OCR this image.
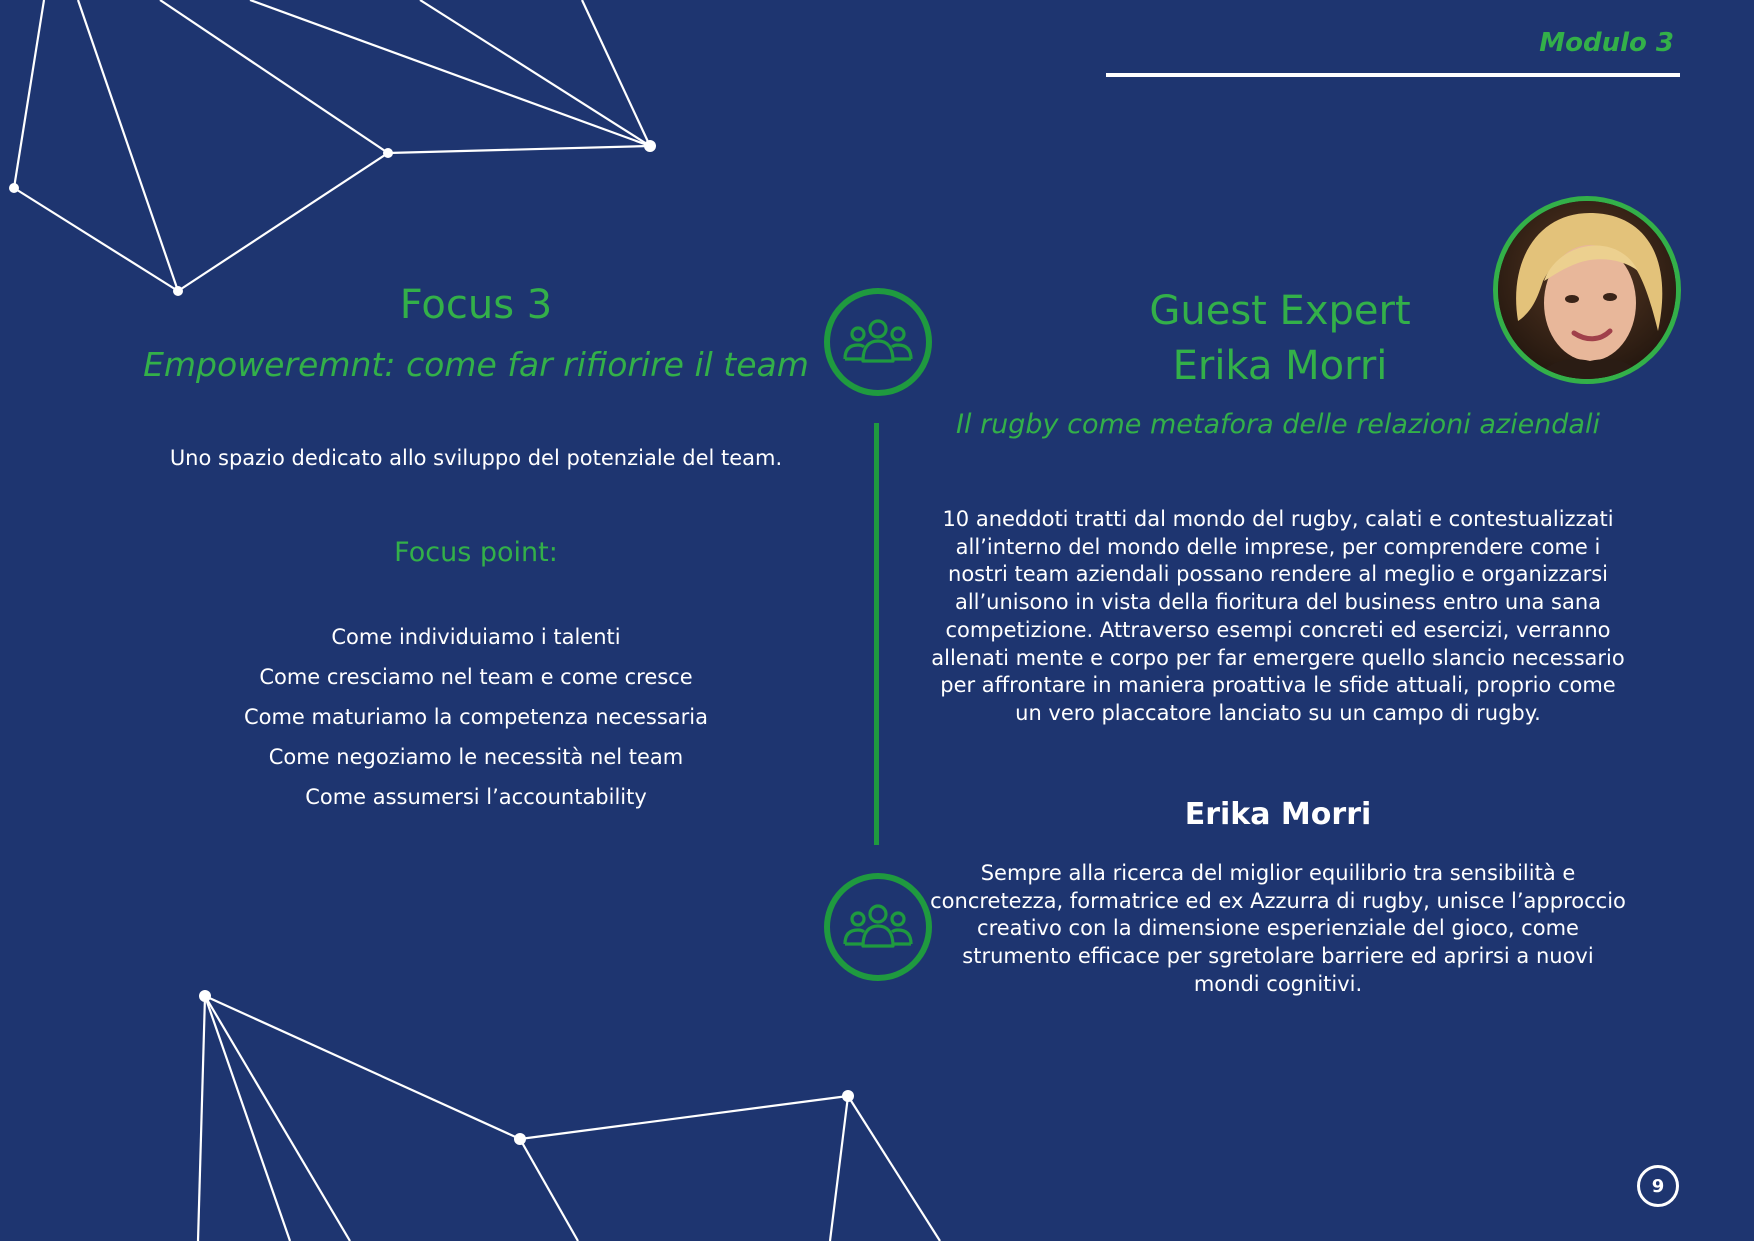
Modulo 3
Focus 3
Empoweremnt: come far rifiorire il team
Uno spazio dedicato allo sviluppo del potenziale del team.
Focus point:
Come individuiamo i talenti
Come cresciamo nel team e come cresce
Come maturiamo la competenza necessaria
Come negoziamo le necessità nel team
Come assumersi l’accountability
Guest Expert
Erika Morri
Il rugby come metafora delle relazioni aziendali
10 aneddoti tratti dal mondo del rugby, calati e contestualizzati all’interno del mondo delle imprese, per comprendere come i nostri team aziendali possano rendere al meglio e organizzarsi all’unisono in vista della fioritura del business entro una sana competizione. Attraverso esempi concreti ed esercizi, verranno allenati mente e corpo per far emergere quello slancio necessario per affrontare in maniera proattiva le sfide attuali, proprio come un vero placcatore lanciato su un campo di rugby.
Erika Morri
Sempre alla ricerca del miglior equilibrio tra sensibilità e concretezza, formatrice ed ex Azzurra di rugby, unisce l’approccio creativo con la dimensione esperienziale del gioco, come strumento efficace per sgretolare barriere ed aprirsi a nuovi mondi cognitivi.
9
